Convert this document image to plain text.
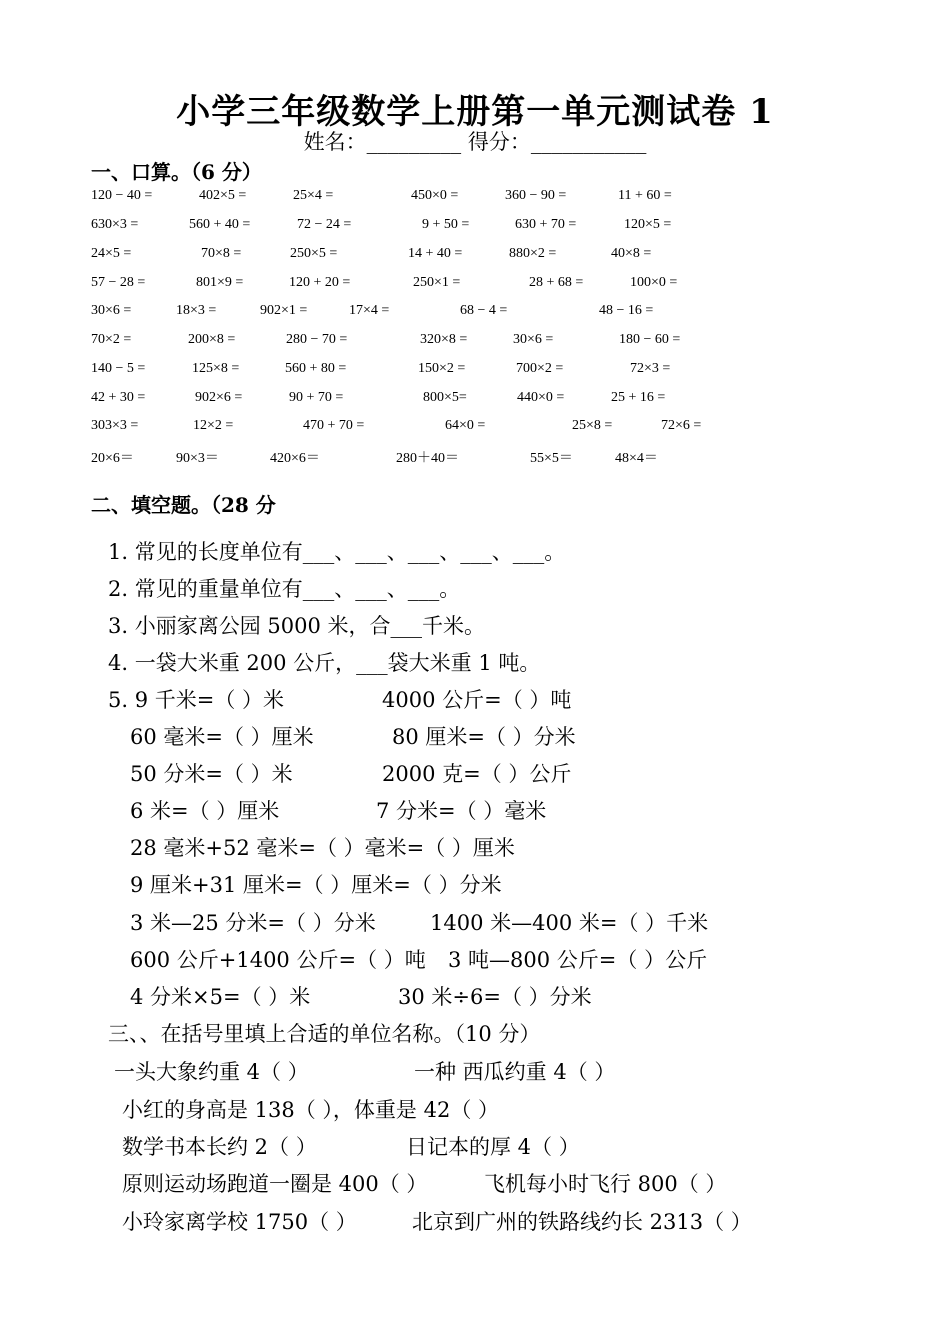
小学三年级数学上册第一单元测试卷 1
姓名：_________ 得分：___________
一、口算。（6 分）
120 − 40 =	402×5 =	25×4 =	450×0 =	360 − 90 =	11 + 60 =
630×3 =	560 + 40 =	72 − 24 =	9 + 50 =	630 + 70 =	120×5 =
24×5 =	70×8 =	250×5 =	14 + 40 =	880×2 =	40×8 =
57 − 28 =	801×9 =	120 + 20 =	250×1 =	28 + 68 =	100×0 =
30×6 =	18×3 =	902×1 =	17×4 =	68 − 4 =	48 − 16 =
70×2 =	200×8 =	280 − 70 =	320×8 =	30×6 =	180 − 60 =
140 − 5 =	125×8 =	560 + 80 =	150×2 =	700×2 =	72×3 =
42 + 30 =	902×6 =	90 + 70 =	800×5=	440×0 =	25 + 16 =
303×3 =	12×2 =	470 + 70 =	64×0 =	25×8 =	72×6 =
20×6＝	90×3＝	420×6＝	280＋40＝	55×5＝	48×4＝
二、填空题。（28 分
1. 常见的长度单位有___、___、___、___、___。
2. 常见的重量单位有___、___、___。
3. 小丽家离公园 5000 米，合___千米。
4. 一袋大米重 200 公斤，___袋大米重 1 吨。
5. 9 千米=（ ）米	4000 公斤=（ ）吨
60 毫米=（ ）厘米	80 厘米=（ ）分米
50 分米=（ ）米	2000 克=（ ）公斤
6 米=（ ）厘米	7 分米=（ ）毫米
28 毫米+52 毫米=（ ）毫米=（ ）厘米
9 厘米+31 厘米=（ ）厘米=（ ）分米
3 米—25 分米=（ ）分米	1400 米—400 米=（ ）千米
600 公斤+1400 公斤=（ ）吨 3 吨—800 公斤=（ ）公斤
4 分米×5=（ ）米	30 米÷6=（ ）分米
三、、在括号里填上合适的单位名称。（10 分）
一头大象约重 4（ ）	一种 西瓜约重 4（ ）
小红的身高是 138（ ），体重是 42（ ）
数学书本长约 2（ ）	日记本的厚 4（ ）
原则运动场跑道一圈是 400（ ）	飞机每小时飞行 800（ ）
小玲家离学校 1750（ ）	北京到广州的铁路线约长 2313（ ）
